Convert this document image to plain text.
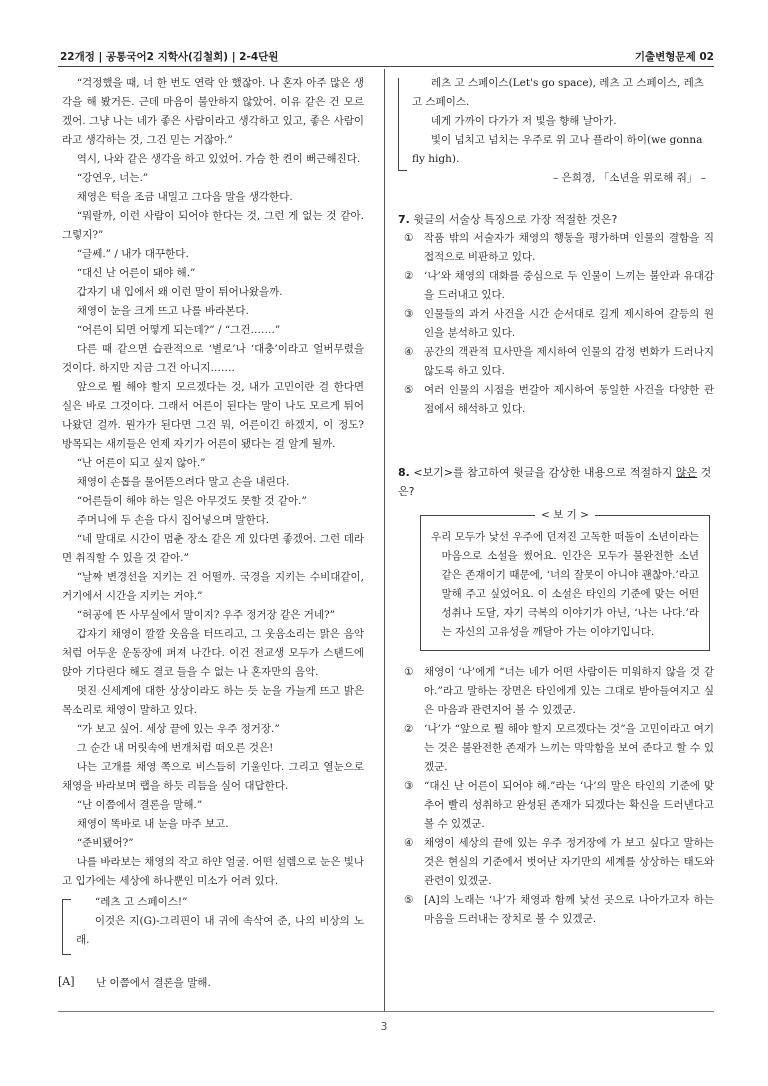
22개정 | 공통국어2 지학사(김철회) | 2-4단원	기출변형문제 02

“걱정했을 때, 너 한 번도 연락 안 했잖아. 나 혼자 아주 많은 생각을 해 봤거든. 근데 마음이 불안하지 않았어. 이유 같은 건 모르겠어. 그냥 나는 네가 좋은 사람이라고 생각하고 있고, 좋은 사람이라고 생각하는 것, 그건 믿는 거잖아.”

역시, 나와 같은 생각을 하고 있었어. 가슴 한 켠이 뻐근해진다.

“강연우, 너는.”

채영은 턱을 조금 내밀고 그다음 말을 생각한다.

“뭐랄까, 이런 사람이 되어야 한다는 것, 그런 게 없는 것 같아. 그렇지?”

“글쎄.” / 내가 대꾸한다.

“대신 난 어른이 돼야 해.”

갑자기 내 입에서 왜 이런 말이 튀어나왔을까.

채영이 눈을 크게 뜨고 나를 바라본다.

“어른이 되면 어떻게 되는데?” / “그건…….”

다른 때 같으면 습관적으로 ‘별로’나 ‘대충’이라고 얼버무렸을 것이다. 하지만 지금 그건 아니지…….

앞으로 뭘 해야 할지 모르겠다는 것, 내가 고민이란 걸 한다면 실은 바로 그것이다. 그래서 어른이 된다는 말이 나도 모르게 튀어나왔던 걸까. 뭔가가 된다면 그건 뭐, 어른이긴 하겠지, 이 정도? 방목되는 새끼들은 언제 자기가 어른이 됐다는 걸 알게 될까.

“난 어른이 되고 싶지 않아.”

채영이 손톱을 물어뜯으려다 말고 손을 내린다.

“어른들이 해야 하는 일은 아무것도 못할 것 같아.”

주머니에 두 손을 다시 집어넣으며 말한다.

“네 말대로 시간이 멈춘 장소 같은 게 있다면 좋겠어. 그런 데라면 취직할 수 있을 것 같아.”

“날짜 변경선을 지키는 건 어떨까. 국경을 지키는 수비대같이, 거기에서 시간을 지키는 거야.”

“허공에 뜬 사무실에서 말이지? 우주 정거장 같은 거네?”

갑자기 채영이 깔깔 웃음을 터뜨리고, 그 웃음소리는 맑은 음악처럼 어두운 운동장에 퍼져 나간다. 이건 전교생 모두가 스탠드에 앉아 기다린다 해도 결코 들을 수 없는 나 혼자만의 음악.

멋진 신세계에 대한 상상이라도 하는 듯 눈을 가늘게 뜨고 밝은 목소리로 채영이 말하고 있다.

“가 보고 싶어. 세상 끝에 있는 우주 정거장.”

그 순간 내 머릿속에 번개처럼 떠오른 것은!

나는 고개를 채영 쪽으로 비스듬히 기울인다. 그리고 열눈으로 채영을 바라보며 랩을 하듯 리듬을 실어 대답한다.

“난 이쯤에서 결론을 말해.”

채영이 똑바로 내 눈을 마주 보고.

“준비됐어?”

나를 바라보는 채영의 작고 하얀 얼굴. 어떤 설렘으로 눈은 빛나고 입가에는 세상에 하나뿐인 미소가 어려 있다.

“레츠 고 스페이스!”

이것은 지(G)-그리핀이 내 귀에 속삭여 준, 나의 비상의 노래.

[A] 난 이쯤에서 결론을 말해.

레츠 고 스페이스(Let's go space), 레츠 고 스페이스, 레츠 고 스페이스.

네게 가까이 다가가 저 빛을 향해 날아가.

빛이 넘치고 넘치는 우주로 위 고나 플라이 하이(we gonna fly high).

– 은희경, 「소년을 위로해 줘」 –

7. 윗글의 서술상 특징으로 가장 적절한 것은?

①	작품 밖의 서술자가 채영의 행동을 평가하며 인물의 결함을 직접적으로 비판하고 있다.
②	‘나’와 채영의 대화를 중심으로 두 인물이 느끼는 불안과 유대감을 드러내고 있다.
③	인물들의 과거 사건을 시간 순서대로 길게 제시하여 갈등의 원인을 분석하고 있다.
④	공간의 객관적 묘사만을 제시하여 인물의 감정 변화가 드러나지 않도록 하고 있다.
⑤	여러 인물의 시점을 번갈아 제시하여 동일한 사건을 다양한 관점에서 해석하고 있다.

8. <보기>를 참고하여 윗글을 감상한 내용으로 적절하지 않은 것은?

< 보 기 >

우리 모두가 낯선 우주에 던져진 고독한 떠돌이 소년이라는 마음으로 소설을 썼어요. 인간은 모두가 불완전한 소년 같은 존재이기 때문에, ‘너의 잘못이 아니야 괜찮아.’라고 말해 주고 싶었어요. 이 소설은 타인의 기준에 맞는 어떤 성취나 도달, 자기 극복의 이야기가 아닌, ‘나는 나다.’라는 자신의 고유성을 깨달아 가는 이야기입니다.

①	채영이 ‘나’에게 “너는 네가 어떤 사람이든 미워하지 않을 것 같아.”라고 말하는 장면은 타인에게 있는 그대로 받아들여지고 싶은 마음과 관련지어 볼 수 있겠군.
②	‘나’가 “앞으로 뭘 해야 할지 모르겠다는 것”을 고민이라고 여기는 것은 불완전한 존재가 느끼는 막막함을 보여 준다고 할 수 있겠군.
③	“대신 난 어른이 되어야 해.”라는 ‘나’의 말은 타인의 기준에 맞추어 빨리 성취하고 완성된 존재가 되겠다는 확신을 드러낸다고 볼 수 있겠군.
④	채영이 세상의 끝에 있는 우주 정거장에 가 보고 싶다고 말하는 것은 현실의 기준에서 벗어난 자기만의 세계를 상상하는 태도와 관련이 있겠군.
⑤	[A]의 노래는 ‘나’가 채영과 함께 낯선 곳으로 나아가고자 하는 마음을 드러내는 장치로 볼 수 있겠군.
3
